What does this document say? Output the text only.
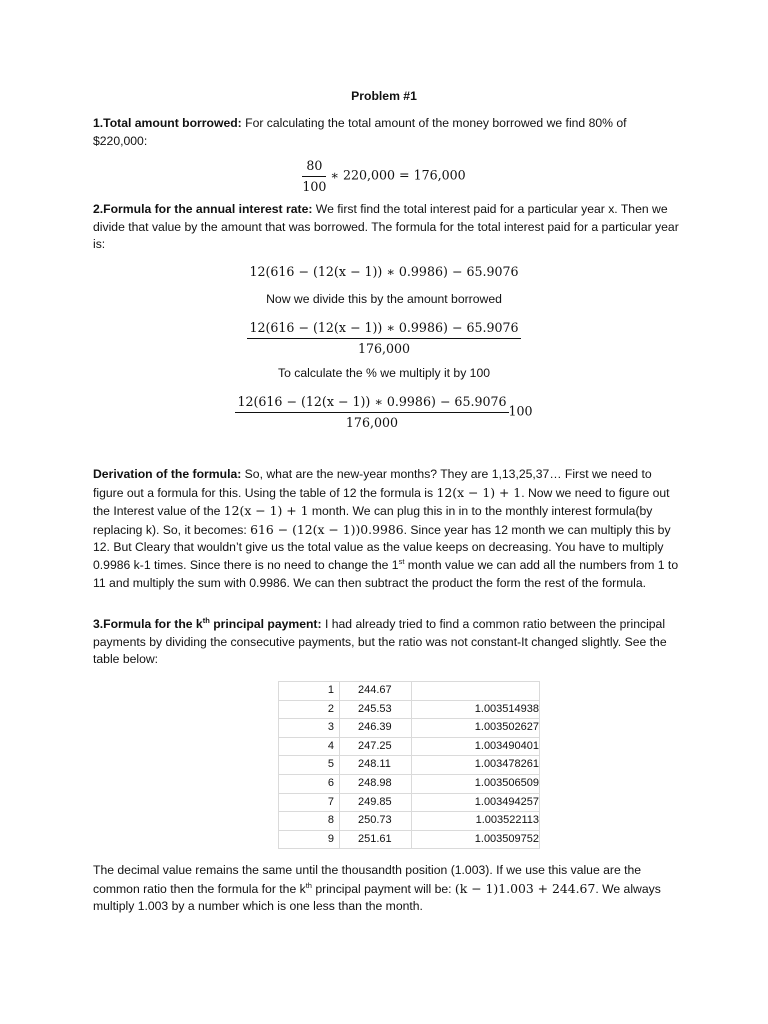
Problem #1
1.Total amount borrowed: For calculating the total amount of the money borrowed we find 80% of $220,000:
$\frac{80}{100}$ ∗ 220,000 = 176,000
2.Formula for the annual interest rate: We first find the total interest paid for a particular year x. Then we divide that value by the amount that was borrowed. The formula for the total interest paid for a particular year is:
12(616 − (12(x − 1)) ∗ 0.9986) − 65.9076
Now we divide this by the amount borrowed
$\frac{12(616 - (12(x - 1)) ∗ 0.9986) - 65.9076}{176,000}$
To calculate the % we multiply it by 100
$\frac{12(616 - (12(x - 1)) ∗ 0.9986) - 65.9076}{176,000} 100$
Derivation of the formula: So, what are the new-year months? They are 1,13,25,37… First we need to figure out a formula for this. Using the table of 12 the formula is 12(x − 1) + 1. Now we need to figure out the Interest value of the 12(x − 1) + 1 month. We can plug this in in to the monthly interest formula(by replacing k). So, it becomes: 616 − (12(x − 1))0.9986. Since year has 12 month we can multiply this by 12. But Cleary that wouldn’t give us the total value as the value keeps on decreasing. You have to multiply 0.9986 k-1 times. Since there is no need to change the 1st month value we can add all the numbers from 1 to 11 and multiply the sum with 0.9986. We can then subtract the product the form the rest of the formula.
3.Formula for the $k^{th}$ principal payment: I had already tried to find a common ratio between the principal payments by dividing the consecutive payments, but the ratio was not constant-It changed slightly. See the table below:
1	244.67	
2	245.53	1.003514938
3	246.39	1.003502627
4	247.25	1.003490401
5	248.11	1.003478261
6	248.98	1.003506509
7	249.85	1.003494257
8	250.73	1.003522113
9	251.61	1.003509752
The decimal value remains the same until the thousandth position (1.003). If we use this value are the common ratio then the formula for the $k^{th}$ principal payment will be: (k − 1)1.003 + 244.67. We always multiply 1.003 by a number which is one less than the month.
